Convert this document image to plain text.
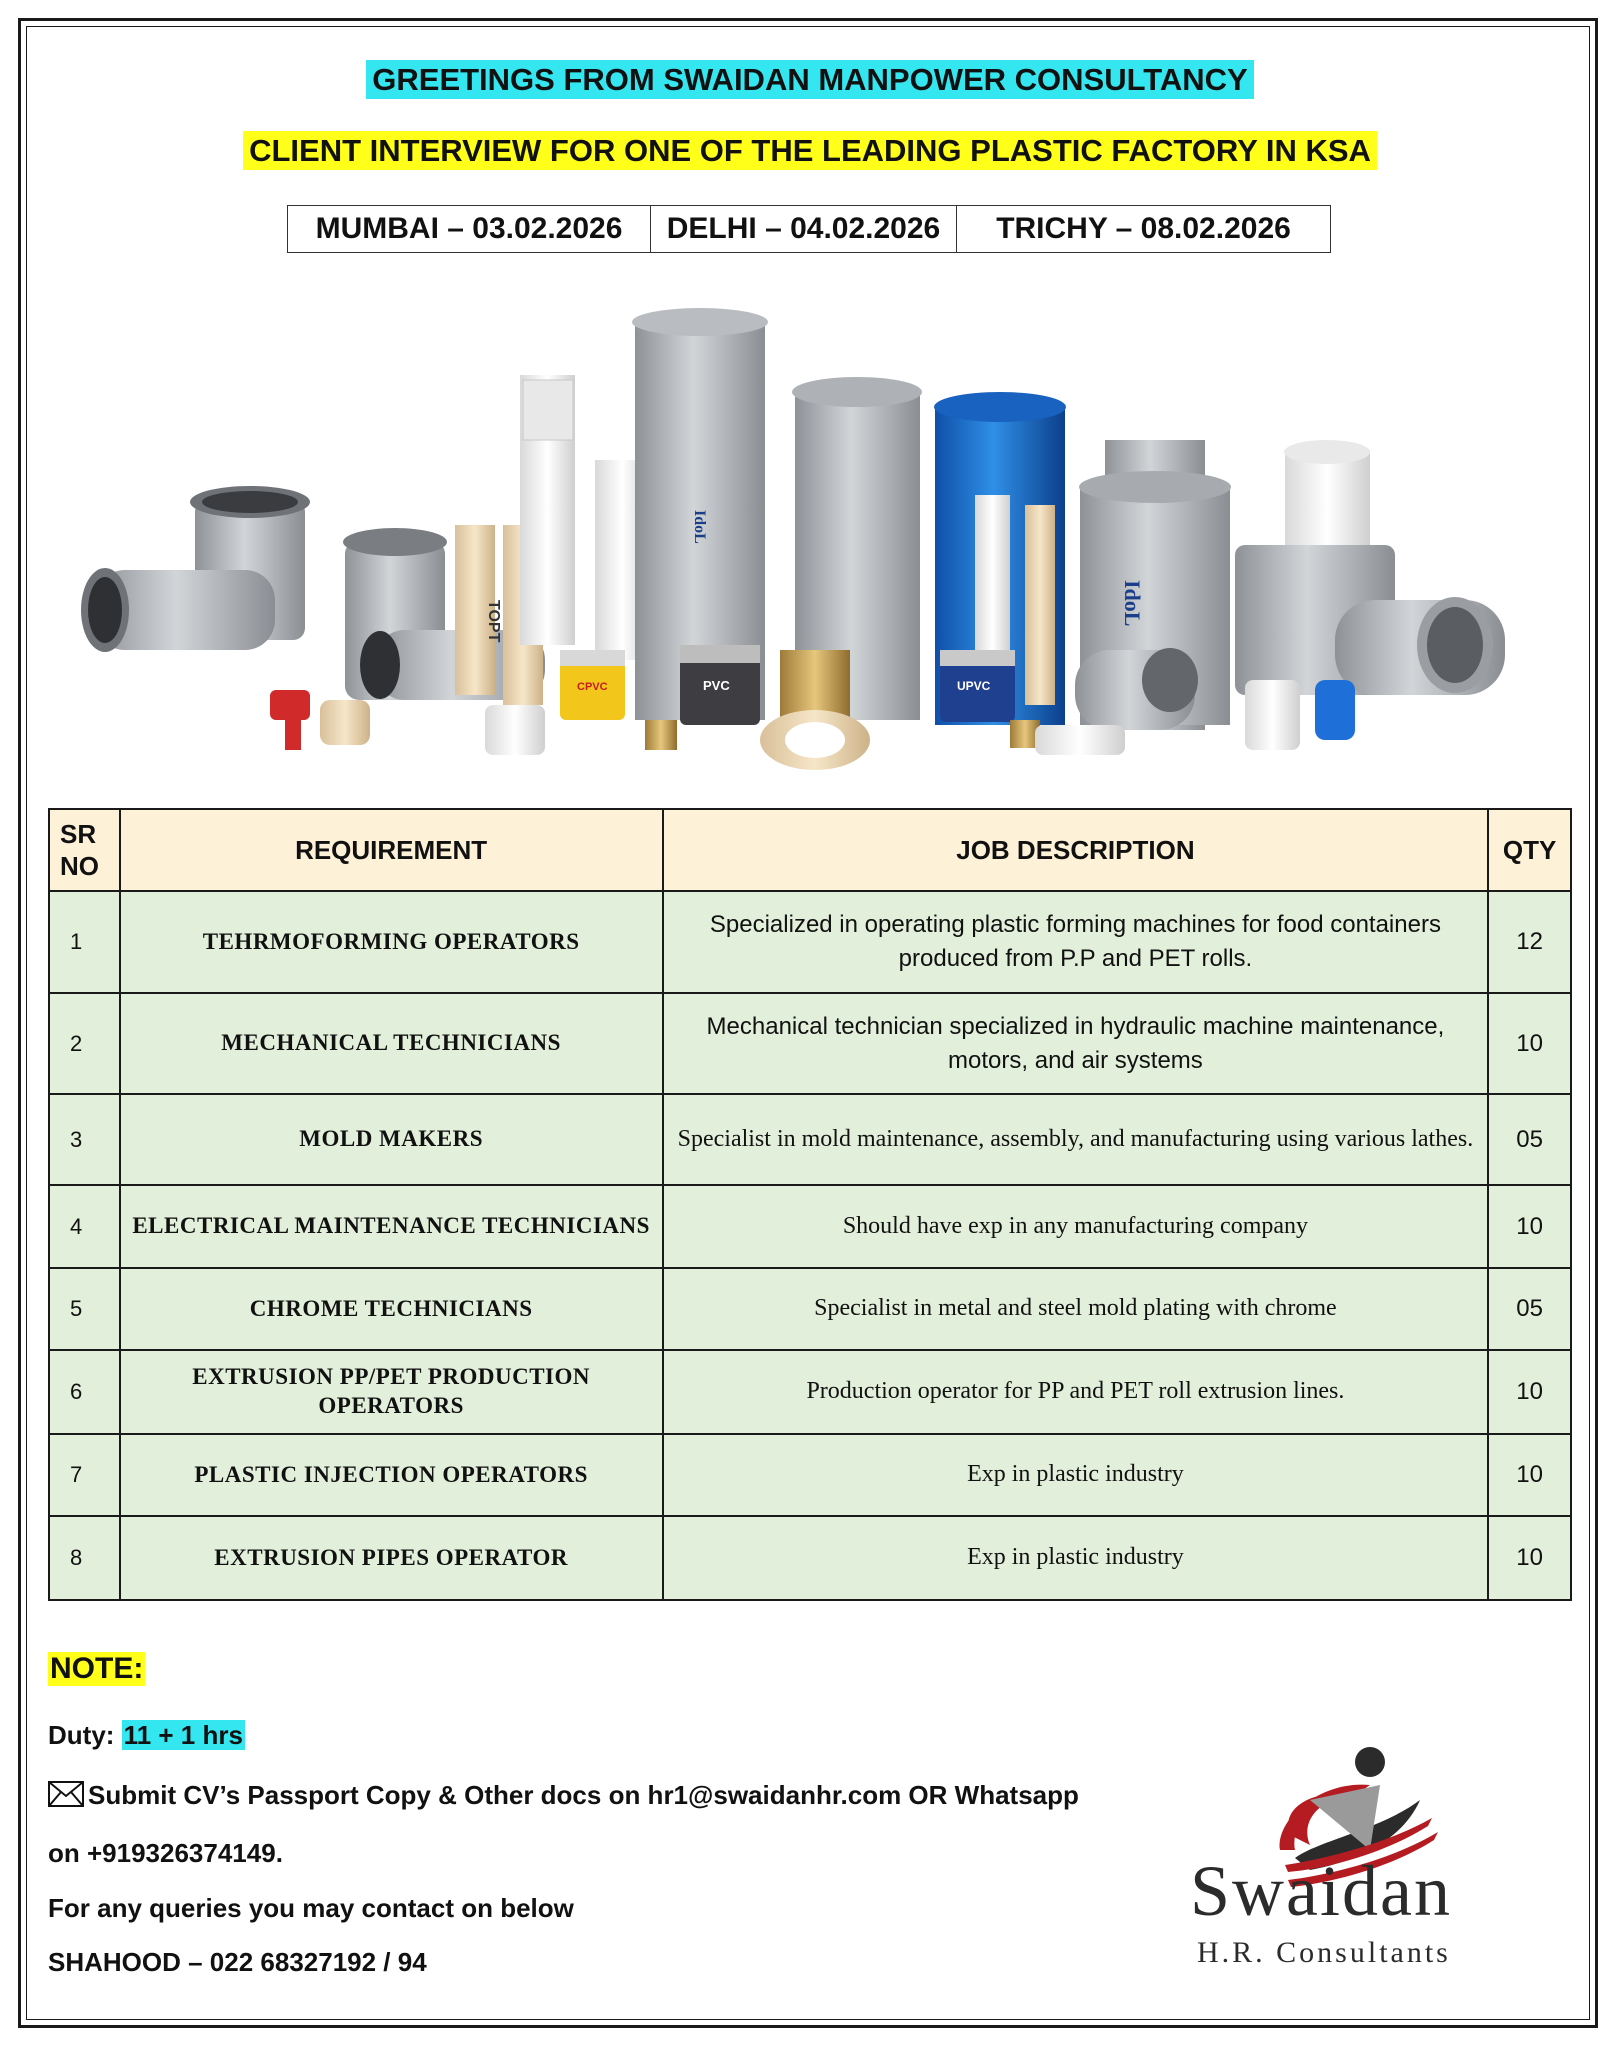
GREETINGS FROM SWAIDAN MANPOWER CONSULTANCY
CLIENT INTERVIEW FOR ONE OF THE LEADING PLASTIC FACTORY IN KSA
MUMBAI – 03.02.2026	DELHI – 04.02.2026	TRICHY – 08.02.2026
TOPT
IdoL
IdoL
CPVC	PVC	UPVC
SR NO	REQUIREMENT	JOB DESCRIPTION	QTY
1	TEHRMOFORMING OPERATORS	Specialized in operating plastic forming machines for food containers produced from P.P and PET rolls.	12
2	MECHANICAL TECHNICIANS	Mechanical technician specialized in hydraulic machine maintenance, motors, and air systems	10
3	MOLD MAKERS	Specialist in mold maintenance, assembly, and manufacturing using various lathes.	05
4	ELECTRICAL MAINTENANCE TECHNICIANS	Should have exp in any manufacturing company	10
5	CHROME TECHNICIANS	Specialist in metal and steel mold plating with chrome	05
6	EXTRUSION PP/PET PRODUCTION OPERATORS	Production operator for PP and PET roll extrusion lines.	10
7	PLASTIC INJECTION OPERATORS	Exp in plastic industry	10
8	EXTRUSION PIPES OPERATOR	Exp in plastic industry	10
NOTE:
Duty: 11 + 1 hrs
Submit CV’s Passport Copy & Other docs on hr1@swaidanhr.com OR Whatsapp
on +919326374149.
For any queries you may contact on below
SHAHOOD – 022 68327192 / 94
Swaidan
H.R. Consultants
